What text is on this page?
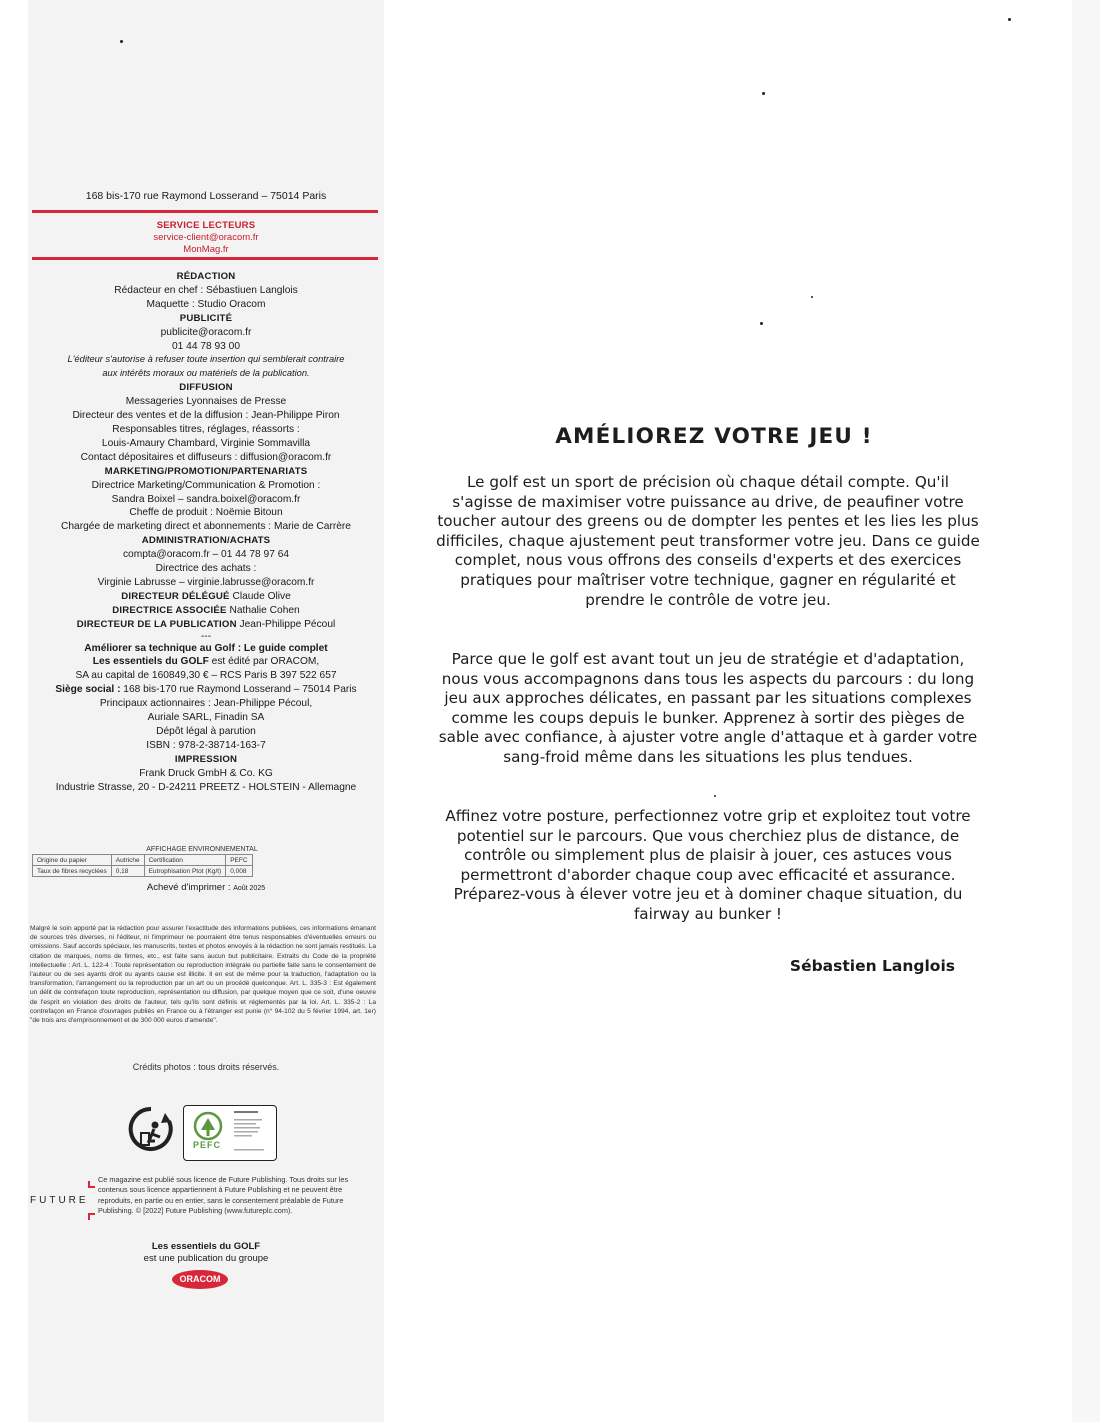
168 bis-170 rue Raymond Losserand – 75014 Paris
SERVICE LECTEURS
service-client@oracom.fr
MonMag.fr
RÉDACTION
Rédacteur en chef : Sébastiuen Langlois
Maquette : Studio Oracom
PUBLICITÉ
publicite@oracom.fr
01 44 78 93 00
L'éditeur s'autorise à refuser toute insertion qui semblerait contraire
aux intérêts moraux ou matériels de la publication.
DIFFUSION
Messageries Lyonnaises de Presse
Directeur des ventes et de la diffusion : Jean-Philippe Piron
Responsables titres, réglages, réassorts :
Louis-Amaury Chambard, Virginie Sommavilla
Contact dépositaires et diffuseurs : diffusion@oracom.fr
MARKETING/PROMOTION/PARTENARIATS
Directrice Marketing/Communication & Promotion :
Sandra Boixel – sandra.boixel@oracom.fr
Cheffe de produit : Noëmie Bitoun
Chargée de marketing direct et abonnements : Marie de Carrère
ADMINISTRATION/ACHATS
compta@oracom.fr – 01 44 78 97 64
Directrice des achats :
Virginie Labrusse – virginie.labrusse@oracom.fr
DIRECTEUR DÉLÉGUÉ Claude Olive
DIRECTRICE ASSOCIÉE Nathalie Cohen
DIRECTEUR DE LA PUBLICATION Jean-Philippe Pécoul
---
Améliorer sa technique au Golf : Le guide complet
Les essentiels du GOLF est édité par ORACOM,
SA au capital de 160849,30 € – RCS Paris B 397 522 657
Siège social : 168 bis-170 rue Raymond Losserand – 75014 Paris
Principaux actionnaires : Jean-Philippe Pécoul,
Auriale SARL, Finadin SA
Dépôt légal à parution
ISBN : 978-2-38714-163-7
IMPRESSION
Frank Druck GmbH & Co. KG
Industrie Strasse, 20 - D-24211 PREETZ - HOLSTEIN - Allemagne
AFFICHAGE ENVIRONNEMENTAL
Origine du papier	Autriche	Certification	PEFC
Taux de fibres recyclées	0,18	Eutrophisation Ptot (Kg/t)	0,008
Achevé d'imprimer : Août 2025
Malgré le soin apporté par la rédaction pour assurer l'exactitude des informations publiées, ces informations émanant de sources très diverses, ni l'éditeur, ni l'imprimeur ne pourraient être tenus responsables d'éventuelles erreurs ou omissions. Sauf accords spéciaux, les manuscrits, textes et photos envoyés à la rédaction ne sont jamais restitués. La citation de marques, noms de firmes, etc., est faite sans aucun but publicitaire. Extraits du Code de la propriété intellectuelle : Art. L. 122-4 : Toute représentation ou reproduction intégrale ou partielle faite sans le consentement de l'auteur ou de ses ayants droit ou ayants cause est illicite. Il en est de même pour la traduction, l'adaptation ou la transformation, l'arrangement ou la reproduction par un art ou un procédé quelconque. Art. L. 335-3 : Est également un délit de contrefaçon toute reproduction, représentation ou diffusion, par quelque moyen que ce soit, d'une oeuvre de l'esprit en violation des droits de l'auteur, tels qu'ils sont définis et réglementés par la loi. Art. L. 335-2 : La contrefaçon en France d'ouvrages publiés en France ou à l'étranger est punie (n° 94-102 du 5 février 1994, art. 1er) "de trois ans d'emprisonnement et de 300 000 euros d'amende".
Crédits photos : tous droits réservés.
PEFC
FUTURE
Ce magazine est publié sous licence de Future Publishing. Tous droits sur les contenus sous licence appartiennent à Future Publishing et ne peuvent être reproduits, en partie ou en entier, sans le consentement préalable de Future Publishing. © [2022] Future Publishing (www.futureplc.com).
Les essentiels du GOLF
est une publication du groupe
ORACOM
AMÉLIOREZ VOTRE JEU !
Le golf est un sport de précision où chaque détail compte. Qu'il s'agisse de maximiser votre puissance au drive, de peaufiner votre toucher autour des greens ou de dompter les pentes et les lies les plus difficiles, chaque ajustement peut transformer votre jeu. Dans ce guide complet, nous vous offrons des conseils d'experts et des exercices pratiques pour maîtriser votre technique, gagner en régularité et prendre le contrôle de votre jeu.
Parce que le golf est avant tout un jeu de stratégie et d'adaptation, nous vous accompagnons dans tous les aspects du parcours : du long jeu aux approches délicates, en passant par les situations complexes comme les coups depuis le bunker. Apprenez à sortir des pièges de sable avec confiance, à ajuster votre angle d'attaque et à garder votre sang-froid même dans les situations les plus tendues.
Affinez votre posture, perfectionnez votre grip et exploitez tout votre potentiel sur le parcours. Que vous cherchiez plus de distance, de contrôle ou simplement plus de plaisir à jouer, ces astuces vous permettront d'aborder chaque coup avec efficacité et assurance. Préparez-vous à élever votre jeu et à dominer chaque situation, du fairway au bunker !
Sébastien Langlois
